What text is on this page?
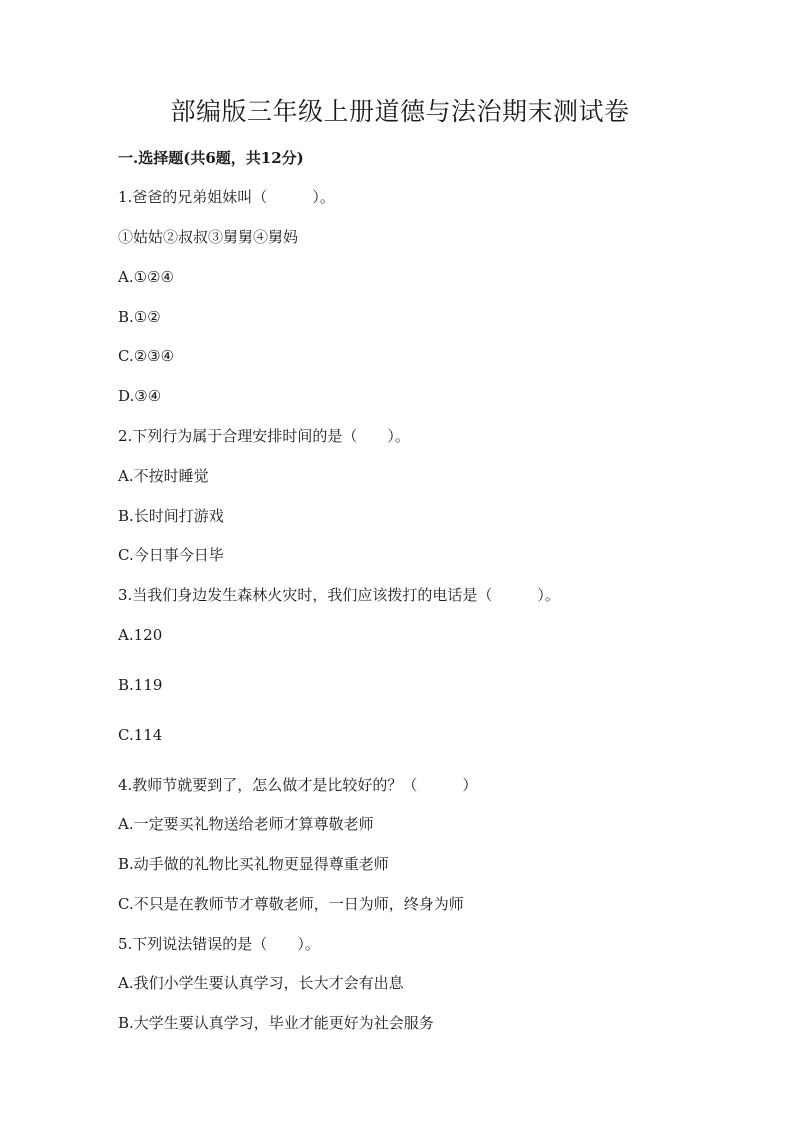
部编版三年级上册道德与法治期末测试卷
一.选择题(共6题，共12分)
1.爸爸的兄弟姐妹叫（　　　）。
①姑姑②叔叔③舅舅④舅妈
A.①②④
B.①②
C.②③④
D.③④
2.下列行为属于合理安排时间的是（　　）。
A.不按时睡觉
B.长时间打游戏
C.今日事今日毕
3.当我们身边发生森林火灾时，我们应该拨打的电话是（　　　）。
A.120
B.119
C.114
4.教师节就要到了，怎么做才是比较好的？（　　　）
A.一定要买礼物送给老师才算尊敬老师
B.动手做的礼物比买礼物更显得尊重老师
C.不只是在教师节才尊敬老师，一日为师，终身为师
5.下列说法错误的是（　　）。
A.我们小学生要认真学习，长大才会有出息
B.大学生要认真学习，毕业才能更好为社会服务
